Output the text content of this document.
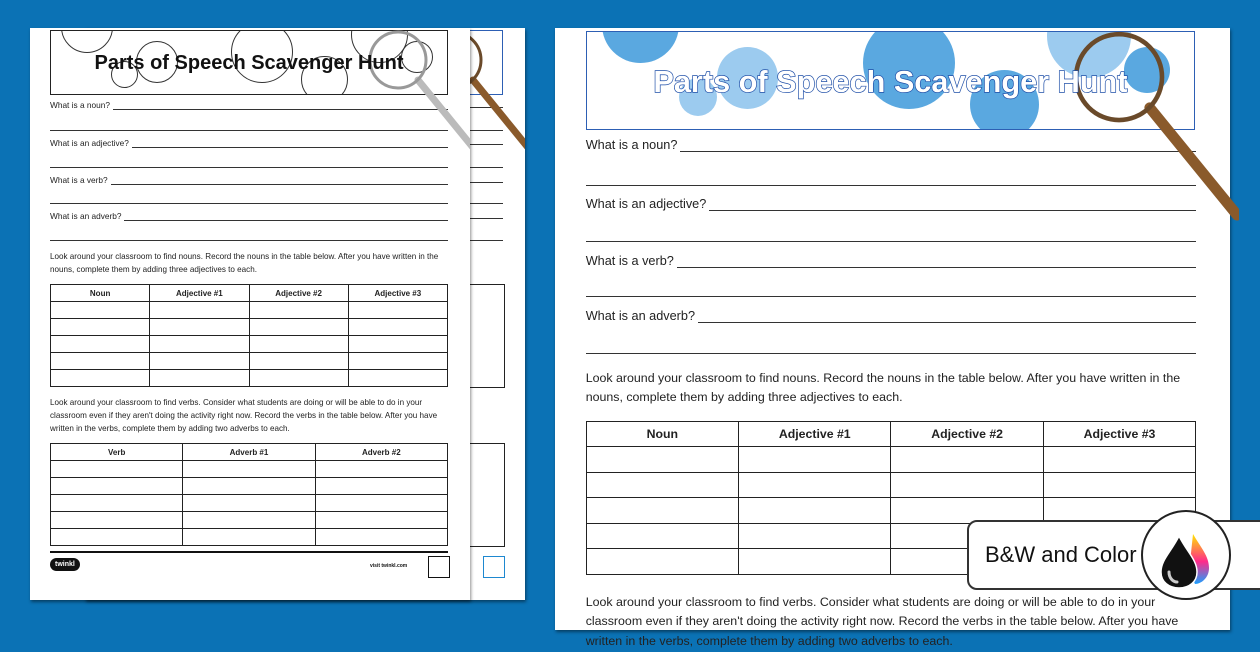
Parts of Speech Scavenger Hunt
What is a noun?
What is an adjective?
What is a verb?
What is an adverb?
Look around your classroom to find nouns. Record the nouns in the table below. After you have written in the nouns, complete them by adding three adjectives to each.
Noun	Adjective #1	Adjective #2	Adjective #3

Look around your classroom to find verbs. Consider what students are doing or will be able to do in your classroom even if they aren't doing the activity right now. Record the verbs in the table below. After you have written in the verbs, complete them by adding two adverbs to each.
Verb	Adverb #1	Adverb #2

twinkl	visit twinkl.com
Parts of Speech Scavenger Hunt
What is a noun?
What is an adjective?
What is a verb?
What is an adverb?
Look around your classroom to find nouns. Record the nouns in the table below. After you have written in the nouns, complete them by adding three adjectives to each.
Noun	Adjective #1	Adjective #2	Adjective #3

Look around your classroom to find verbs. Consider what students are doing or will be able to do in your classroom even if they aren't doing the activity right now. Record the verbs in the table below. After you have written in the verbs, complete them by adding two adverbs to each.
B&W and Color
